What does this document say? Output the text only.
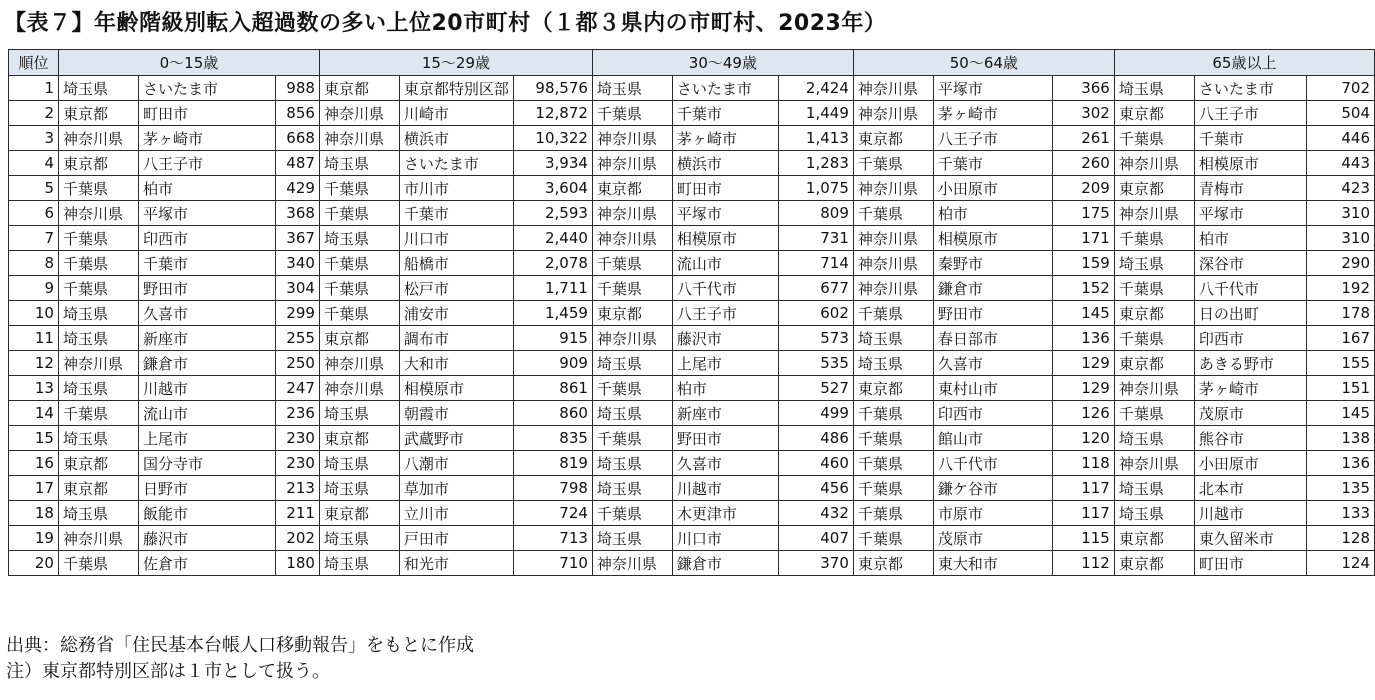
【表７】年齢階級別転入超過数の多い上位20市町村（１都３県内の市町村、2023年）
順位	0〜15歳			15〜29歳			30〜49歳			50〜64歳			65歳以上		
1	埼玉県	さいたま市	988	東京都	東京都特別区部	98,576	埼玉県	さいたま市	2,424	神奈川県	平塚市	366	埼玉県	さいたま市	702
2	東京都	町田市	856	神奈川県	川崎市	12,872	千葉県	千葉市	1,449	神奈川県	茅ヶ崎市	302	東京都	八王子市	504
3	神奈川県	茅ヶ崎市	668	神奈川県	横浜市	10,322	神奈川県	茅ヶ崎市	1,413	東京都	八王子市	261	千葉県	千葉市	446
4	東京都	八王子市	487	埼玉県	さいたま市	3,934	神奈川県	横浜市	1,283	千葉県	千葉市	260	神奈川県	相模原市	443
5	千葉県	柏市	429	千葉県	市川市	3,604	東京都	町田市	1,075	神奈川県	小田原市	209	東京都	青梅市	423
6	神奈川県	平塚市	368	千葉県	千葉市	2,593	神奈川県	平塚市	809	千葉県	柏市	175	神奈川県	平塚市	310
7	千葉県	印西市	367	埼玉県	川口市	2,440	神奈川県	相模原市	731	神奈川県	相模原市	171	千葉県	柏市	310
8	千葉県	千葉市	340	千葉県	船橋市	2,078	千葉県	流山市	714	神奈川県	秦野市	159	埼玉県	深谷市	290
9	千葉県	野田市	304	千葉県	松戸市	1,711	千葉県	八千代市	677	神奈川県	鎌倉市	152	千葉県	八千代市	192
10	埼玉県	久喜市	299	千葉県	浦安市	1,459	東京都	八王子市	602	千葉県	野田市	145	東京都	日の出町	178
11	埼玉県	新座市	255	東京都	調布市	915	神奈川県	藤沢市	573	埼玉県	春日部市	136	千葉県	印西市	167
12	神奈川県	鎌倉市	250	神奈川県	大和市	909	埼玉県	上尾市	535	埼玉県	久喜市	129	東京都	あきる野市	155
13	埼玉県	川越市	247	神奈川県	相模原市	861	千葉県	柏市	527	東京都	東村山市	129	神奈川県	茅ヶ崎市	151
14	千葉県	流山市	236	埼玉県	朝霞市	860	埼玉県	新座市	499	千葉県	印西市	126	千葉県	茂原市	145
15	埼玉県	上尾市	230	東京都	武蔵野市	835	千葉県	野田市	486	千葉県	館山市	120	埼玉県	熊谷市	138
16	東京都	国分寺市	230	埼玉県	八潮市	819	埼玉県	久喜市	460	千葉県	八千代市	118	神奈川県	小田原市	136
17	東京都	日野市	213	埼玉県	草加市	798	埼玉県	川越市	456	千葉県	鎌ケ谷市	117	埼玉県	北本市	135
18	埼玉県	飯能市	211	東京都	立川市	724	千葉県	木更津市	432	千葉県	市原市	117	埼玉県	川越市	133
19	神奈川県	藤沢市	202	埼玉県	戸田市	713	埼玉県	川口市	407	千葉県	茂原市	115	東京都	東久留米市	128
20	千葉県	佐倉市	180	埼玉県	和光市	710	神奈川県	鎌倉市	370	東京都	東大和市	112	東京都	町田市	124
出典：総務省「住民基本台帳人口移動報告」をもとに作成
注）東京都特別区部は１市として扱う。
